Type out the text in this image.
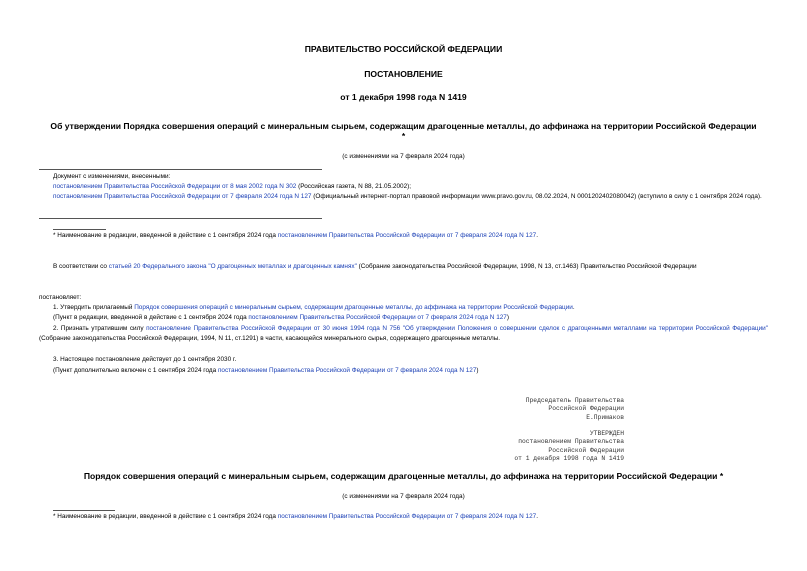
ПРАВИТЕЛЬСТВО РОССИЙСКОЙ ФЕДЕРАЦИИ
ПОСТАНОВЛЕНИЕ
от 1 декабря 1998 года N 1419
Об утверждении Порядка совершения операций с минеральным сырьем, содержащим драгоценные металлы, до аффинажа на территории Российской Федерации
*
(с изменениями на 7 февраля 2024 года)
Документ с изменениями, внесенными:
постановлением Правительства Российской Федерации от 8 мая 2002 года N 302 (Российская газета, N 88, 21.05.2002);
постановлением Правительства Российской Федерации от 7 февраля 2024 года N 127 (Официальный интернет-портал правовой информации www.pravo.gov.ru, 08.02.2024, N 0001202402080042) (вступило в силу с 1 сентября 2024 года).
* Наименование в редакции, введенной в действие с 1 сентября 2024 года постановлением Правительства Российской Федерации от 7 февраля 2024 года N 127.
В соответствии со статьей 20 Федерального закона "О драгоценных металлах и драгоценных камнях" (Собрание законодательства Российской Федерации, 1998, N 13, ст.1463) Правительство Российской Федерации
постановляет:
1. Утвердить прилагаемый Порядок совершения операций с минеральным сырьем, содержащим драгоценные металлы, до аффинажа на территории Российской Федерации.
(Пункт в редакции, введенной в действие с 1 сентября 2024 года постановлением Правительства Российской Федерации от 7 февраля 2024 года N 127)
2. Признать утратившим силу постановление Правительства Российской Федерации от 30 июня 1994 года N 756 "Об утверждении Положения о совершении сделок с драгоценными металлами на территории Российской Федерации" (Собрание законодательства Российской Федерации, 1994, N 11, ст.1291) в части, касающейся минерального сырья, содержащего драгоценные металлы.
3. Настоящее постановление действует до 1 сентября 2030 г.
(Пункт дополнительно включен с 1 сентября 2024 года постановлением Правительства Российской Федерации от 7 февраля 2024 года N 127)
Председатель Правительства
Российской Федерации
Е.Примаков
УТВЕРЖДЕН
постановлением Правительства
Российской Федерации
от 1 декабря 1998 года N 1419
Порядок совершения операций с минеральным сырьем, содержащим драгоценные металлы, до аффинажа на территории Российской Федерации *
(с изменениями на 7 февраля 2024 года)
* Наименование в редакции, введенной в действие с 1 сентября 2024 года постановлением Правительства Российской Федерации от 7 февраля 2024 года N 127.
